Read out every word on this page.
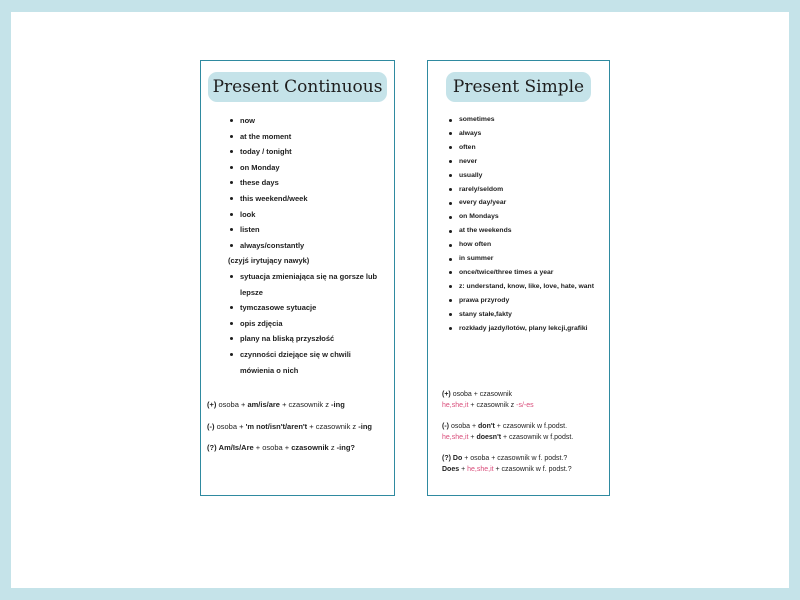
Present Continuous
now
at the moment
today / tonight
on Monday
these days
this weekend/week
look
listen
always/constantly
(czyjś irytujący nawyk)
sytuacja zmieniająca się na gorsze lub lepsze
tymczasowe sytuacje
opis zdjęcia
plany na bliską przyszłość
czynności dziejące się w chwili mówienia o nich

(+) osoba + am/is/are + czasownik z -ing

(-) osoba + 'm not/isn't/aren't + czasownik z -ing

(?) Am/Is/Are + osoba + czasownik z -ing?

Present Simple
sometimes
always
often
never
usually
rarely/seldom
every day/year
on Mondays
at the weekends
how often
in summer
once/twice/three times a year
z: understand, know, like, love, hate, want
prawa przyrody
stany stałe,fakty
rozkłady jazdy/lotów, plany lekcji,grafiki
(+) osoba + czasownik
he,she,it + czasownik z -s/-es
(-) osoba + don't + czasownik w f.podst.
he,she,it + doesn't + czasownik w f.podst.
(?) Do + osoba + czasownik w f. podst.?
Does + he,she,it + czasownik w f. podst.?
